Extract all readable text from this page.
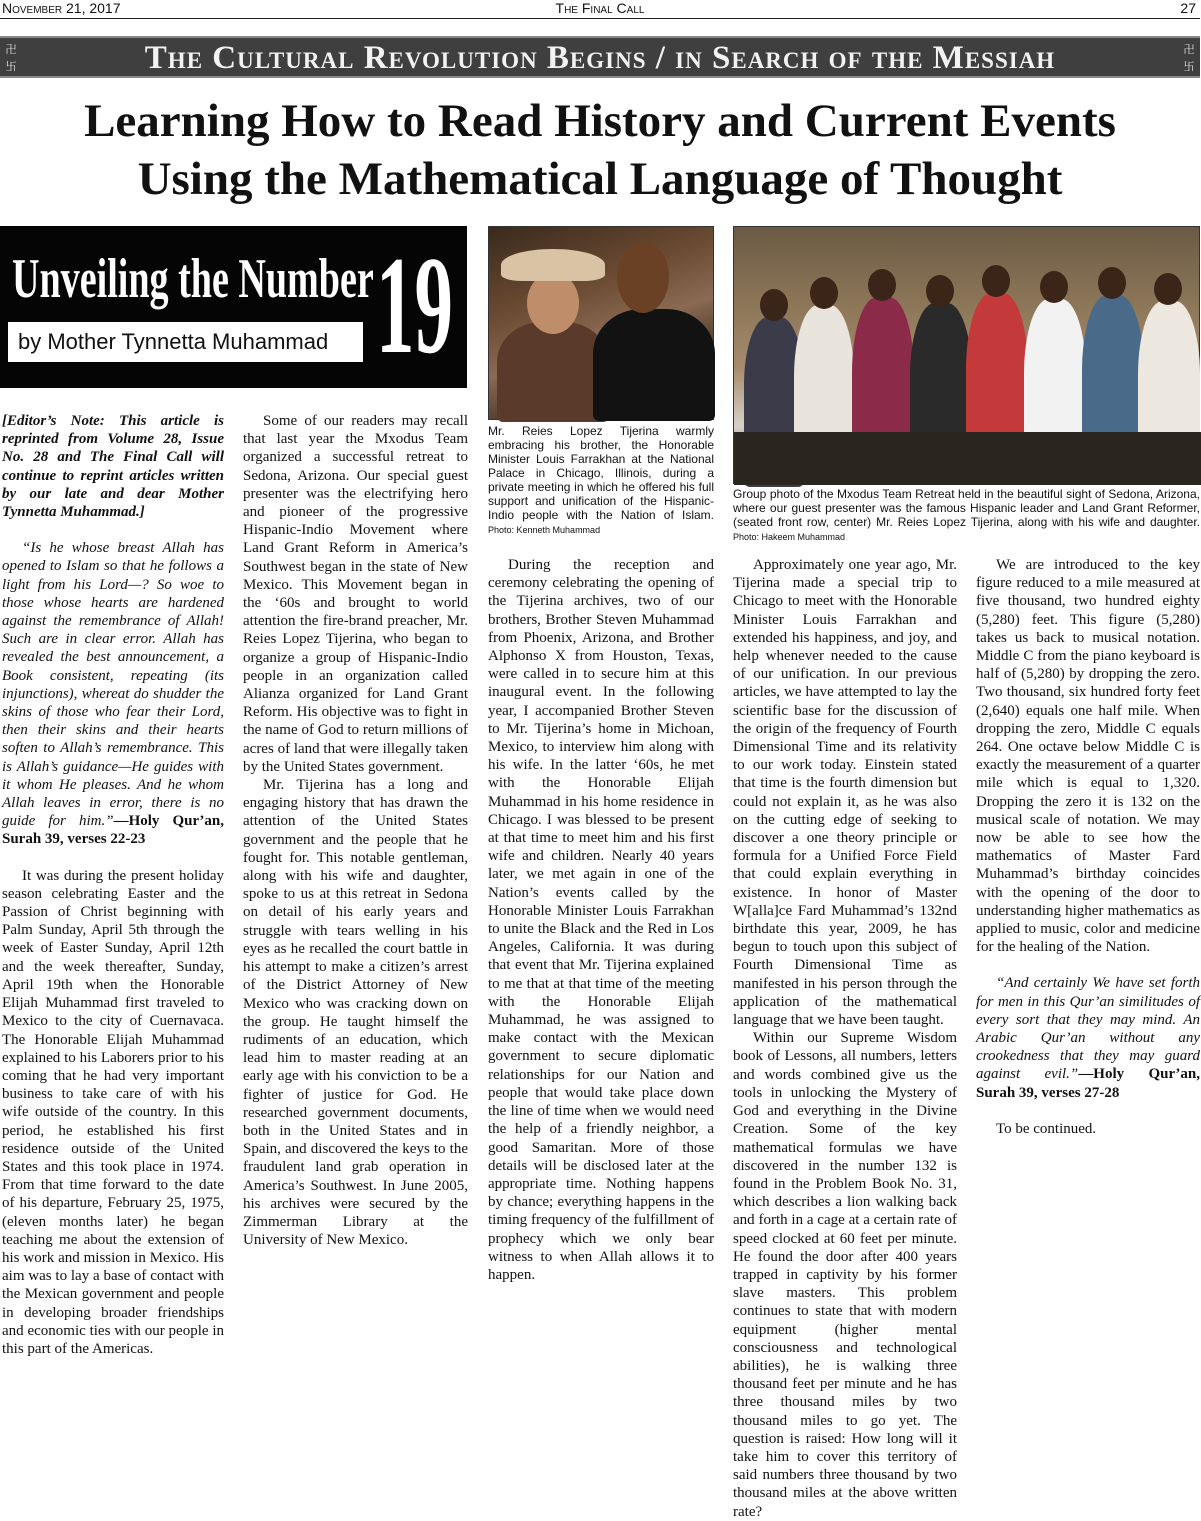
The Final Call
November 21, 2017	27
卍
卐	The Cultural Revolution Begins / in Search of the Messiah	卍
卐
Learning How to Read History and Current Events
Using the Mathematical Language of Thought
Unveiling the Number 19
by Mother Tynnetta Muhammad
Mr. Reies Lopez Tijerina warmly embracing his brother, the Honorable Minister Louis Farrakhan at the National Palace in Chicago, Illinois, during a private meeting in which he offered his full support and unification of the Hispanic-Indio people with the Nation of Islam. Photo: Kenneth Muhammad
Group photo of the Mxodus Team Retreat held in the beautiful sight of Sedona, Arizona, where our guest presenter was the famous Hispanic leader and Land Grant Reformer, (seated front row, center) Mr. Reies Lopez Tijerina, along with his wife and daughter. Photo: Hakeem Muhammad

[Editor’s Note: This article is reprinted from Volume 28, Issue No. 28 and The Final Call will continue to reprint articles written by our late and dear Mother Tynnetta Muhammad.]

“Is he whose breast Allah has opened to Islam so that he follows a light from his Lord—? So woe to those whose hearts are hardened against the remembrance of Allah! Such are in clear error. Allah has revealed the best announcement, a Book consistent, repeating (its injunctions), whereat do shudder the skins of those who fear their Lord, then their skins and their hearts soften to Allah’s remembrance. This is Allah’s guidance—He guides with it whom He pleases. And he whom Allah leaves in error, there is no guide for him.”—Holy Qur’an, Surah 39, verses 22-23

It was during the present holiday season celebrating Easter and the Passion of Christ beginning with Palm Sunday, April 5th through the week of Easter Sunday, April 12th and the week thereafter, Sunday, April 19th when the Honorable Elijah Muhammad first traveled to Mexico to the city of Cuernavaca. The Honorable Elijah Muhammad explained to his Laborers prior to his coming that he had very important business to take care of with his wife outside of the country. In this period, he established his first residence outside of the United States and this took place in 1974. From that time forward to the date of his departure, February 25, 1975, (eleven months later) he began teaching me about the extension of his work and mission in Mexico. His aim was to lay a base of contact with the Mexican government and people in developing broader friendships and economic ties with our people in this part of the Americas.

Some of our readers may recall that last year the Mxodus Team organized a successful retreat to Sedona, Arizona. Our special guest presenter was the electrifying hero and pioneer of the progressive Hispanic-Indio Movement where Land Grant Reform in America’s Southwest began in the state of New Mexico. This Movement began in the ‘60s and brought to world attention the fire-brand preacher, Mr. Reies Lopez Tijerina, who began to organize a group of Hispanic-Indio people in an organization called Alianza organized for Land Grant Reform. His objective was to fight in the name of God to return millions of acres of land that were illegally taken by the United States government.

Mr. Tijerina has a long and engaging history that has drawn the attention of the United States government and the people that he fought for. This notable gentleman, along with his wife and daughter, spoke to us at this retreat in Sedona on detail of his early years and struggle with tears welling in his eyes as he recalled the court battle in his attempt to make a citizen’s arrest of the District Attorney of New Mexico who was cracking down on the group. He taught himself the rudiments of an education, which lead him to master reading at an early age with his conviction to be a fighter of justice for God. He researched government documents, both in the United States and in Spain, and discovered the keys to the fraudulent land grab operation in America’s Southwest. In June 2005, his archives were secured by the Zimmerman Library at the University of New Mexico.

During the reception and ceremony celebrating the opening of the Tijerina archives, two of our brothers, Brother Steven Muhammad from Phoenix, Arizona, and Brother Alphonso X from Houston, Texas, were called in to secure him at this inaugural event. In the following year, I accompanied Brother Steven to Mr. Tijerina’s home in Michoan, Mexico, to interview him along with his wife. In the latter ‘60s, he met with the Honorable Elijah Muhammad in his home residence in Chicago. I was blessed to be present at that time to meet him and his first wife and children. Nearly 40 years later, we met again in one of the Nation’s events called by the Honorable Minister Louis Farrakhan to unite the Black and the Red in Los Angeles, California. It was during that event that Mr. Tijerina explained to me that at that time of the meeting with the Honorable Elijah Muhammad, he was assigned to make contact with the Mexican government to secure diplomatic relationships for our Nation and people that would take place down the line of time when we would need the help of a friendly neighbor, a good Samaritan. More of those details will be disclosed later at the appropriate time. Nothing happens by chance; everything happens in the timing frequency of the fulfillment of prophecy which we only bear witness to when Allah allows it to happen.

Approximately one year ago, Mr. Tijerina made a special trip to Chicago to meet with the Honorable Minister Louis Farrakhan and extended his happiness, and joy, and help whenever needed to the cause of our unification. In our previous articles, we have attempted to lay the scientific base for the discussion of the origin of the frequency of Fourth Dimensional Time and its relativity to our work today. Einstein stated that time is the fourth dimension but could not explain it, as he was also on the cutting edge of seeking to discover a one theory principle or formula for a Unified Force Field that could explain everything in existence. In honor of Master W[alla]ce Fard Muhammad’s 132nd birthdate this year, 2009, he has begun to touch upon this subject of Fourth Dimensional Time as manifested in his person through the application of the mathematical language that we have been taught.

Within our Supreme Wisdom book of Lessons, all numbers, letters and words combined give us the tools in unlocking the Mystery of God and everything in the Divine Creation. Some of the key mathematical formulas we have discovered in the number 132 is found in the Problem Book No. 31, which describes a lion walking back and forth in a cage at a certain rate of speed clocked at 60 feet per minute. He found the door after 400 years trapped in captivity by his former slave masters. This problem continues to state that with modern equipment (higher mental consciousness and technological abilities), he is walking three thousand feet per minute and he has three thousand miles by two thousand miles to go yet. The question is raised: How long will it take him to cover this territory of said numbers three thousand by two thousand miles at the above written rate?

We are introduced to the key figure reduced to a mile measured at five thousand, two hundred eighty (5,280) feet. This figure (5,280) takes us back to musical notation. Middle C from the piano keyboard is half of (5,280) by dropping the zero. Two thousand, six hundred forty feet (2,640) equals one half mile. When dropping the zero, Middle C equals 264. One octave below Middle C is exactly the measurement of a quarter mile which is equal to 1,320. Dropping the zero it is 132 on the musical scale of notation. We may now be able to see how the mathematics of Master Fard Muhammad’s birthday coincides with the opening of the door to understanding higher mathematics as applied to music, color and medicine for the healing of the Nation.

“And certainly We have set forth for men in this Qur’an similitudes of every sort that they may mind. An Arabic Qur’an without any crookedness that they may guard against evil.”—Holy Qur’an, Surah 39, verses 27-28

To be continued.
